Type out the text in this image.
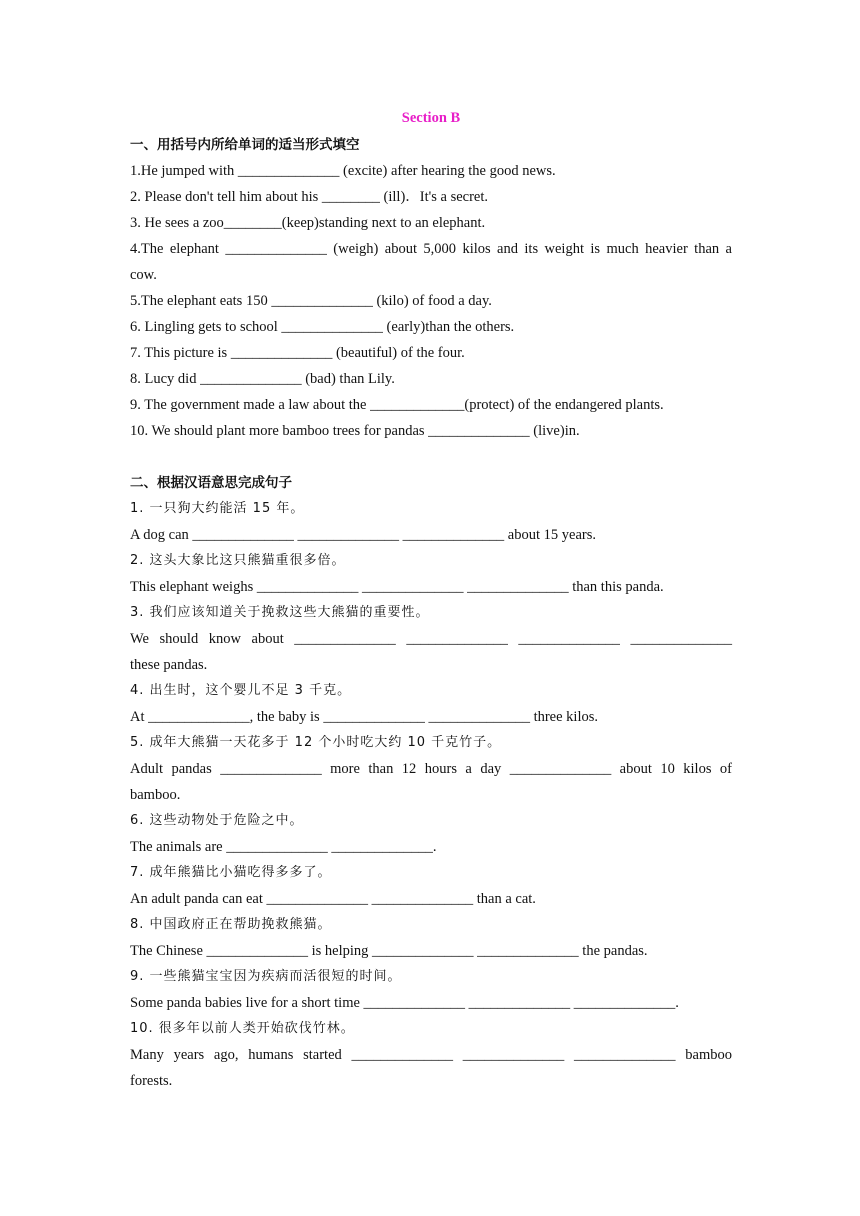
Section B
一、用括号内所给单词的适当形式填空
1.He jumped with ______________ (excite) after hearing the good news.
2. Please don't tell him about his ________ (ill)．It's a secret.
3. He sees a zoo________(keep)standing next to an elephant.
4.The elephant ______________ (weigh) about 5,000 kilos and its weight is much heavier than a
cow.
5.The elephant eats 150 ______________ (kilo) of food a day.
6. Lingling gets to school ______________ (early)than the others.
7. This picture is ______________ (beautiful) of the four.
8. Lucy did ______________ (bad) than Lily.
9. The government made a law about the _____________(protect) of the endangered plants.
10. We should plant more bamboo trees for pandas ______________ (live)in.
二、根据汉语意思完成句子
1. 一只狗大约能活 15 年。
A dog can ______________ ______________ ______________ about 15 years.
2. 这头大象比这只熊猫重很多倍。
This elephant weighs ______________ ______________ ______________ than this panda.
3. 我们应该知道关于挽救这些大熊猫的重要性。
We should know about ______________ ______________ ______________ ______________
these pandas.
4. 出生时，这个婴儿不足 3 千克。
At ______________, the baby is ______________ ______________ three kilos.
5. 成年大熊猫一天花多于 12 个小时吃大约 10 千克竹子。
Adult pandas ______________ more than 12 hours a day ______________ about 10 kilos of
bamboo.
6. 这些动物处于危险之中。
The animals are ______________ ______________.
7. 成年熊猫比小猫吃得多多了。
An adult panda can eat ______________ ______________ than a cat.
8. 中国政府正在帮助挽救熊猫。
The Chinese ______________ is helping ______________ ______________ the pandas.
9. 一些熊猫宝宝因为疾病而活很短的时间。
Some panda babies live for a short time ______________ ______________ ______________.
10. 很多年以前人类开始砍伐竹林。
Many years ago, humans started ______________ ______________ ______________ bamboo
forests.
